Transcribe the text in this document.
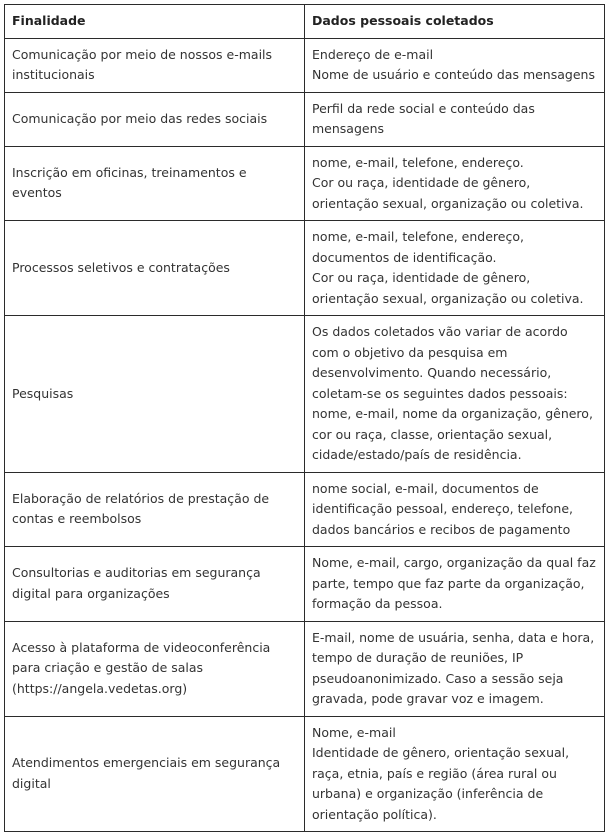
Finalidade	Dados pessoais coletados
Comunicação por meio de nossos e-mails institucionais	Endereço de e-mail
Nome de usuário e conteúdo das mensagens

Comunicação por meio das redes sociais	Perfil da rede social e conteúdo das mensagens

Inscrição em oficinas, treinamentos e eventos	nome, e-mail, telefone, endereço.
Cor ou raça, identidade de gênero, orientação sexual, organização ou coletiva.

Processos seletivos e contratações	nome, e-mail, telefone, endereço, documentos de identificação.
Cor ou raça, identidade de gênero, orientação sexual, organização ou coletiva.

Pesquisas	Os dados coletados vão variar de acordo com o objetivo da pesquisa em desenvolvimento. Quando necessário, coletam-se os seguintes dados pessoais: nome, e-mail, nome da organização, gênero, cor ou raça, classe, orientação sexual, cidade/estado/país de residência.

Elaboração de relatórios de prestação de contas e reembolsos	nome social, e-mail, documentos de identificação pessoal, endereço, telefone, dados bancários e recibos de pagamento

Consultorias e auditorias em segurança digital para organizações	Nome, e-mail, cargo, organização da qual faz parte, tempo que faz parte da organização, formação da pessoa.

Acesso à plataforma de videoconferência para criação e gestão de salas (https://angela.vedetas.org)	E-mail, nome de usuária, senha, data e hora, tempo de duração de reuniões, IP pseudoanonimizado. Caso a sessão seja gravada, pode gravar voz e imagem.

Atendimentos emergenciais em segurança digital	Nome, e-mail
Identidade de gênero, orientação sexual, raça, etnia, país e região (área rural ou urbana) e organização (inferência de orientação política).
